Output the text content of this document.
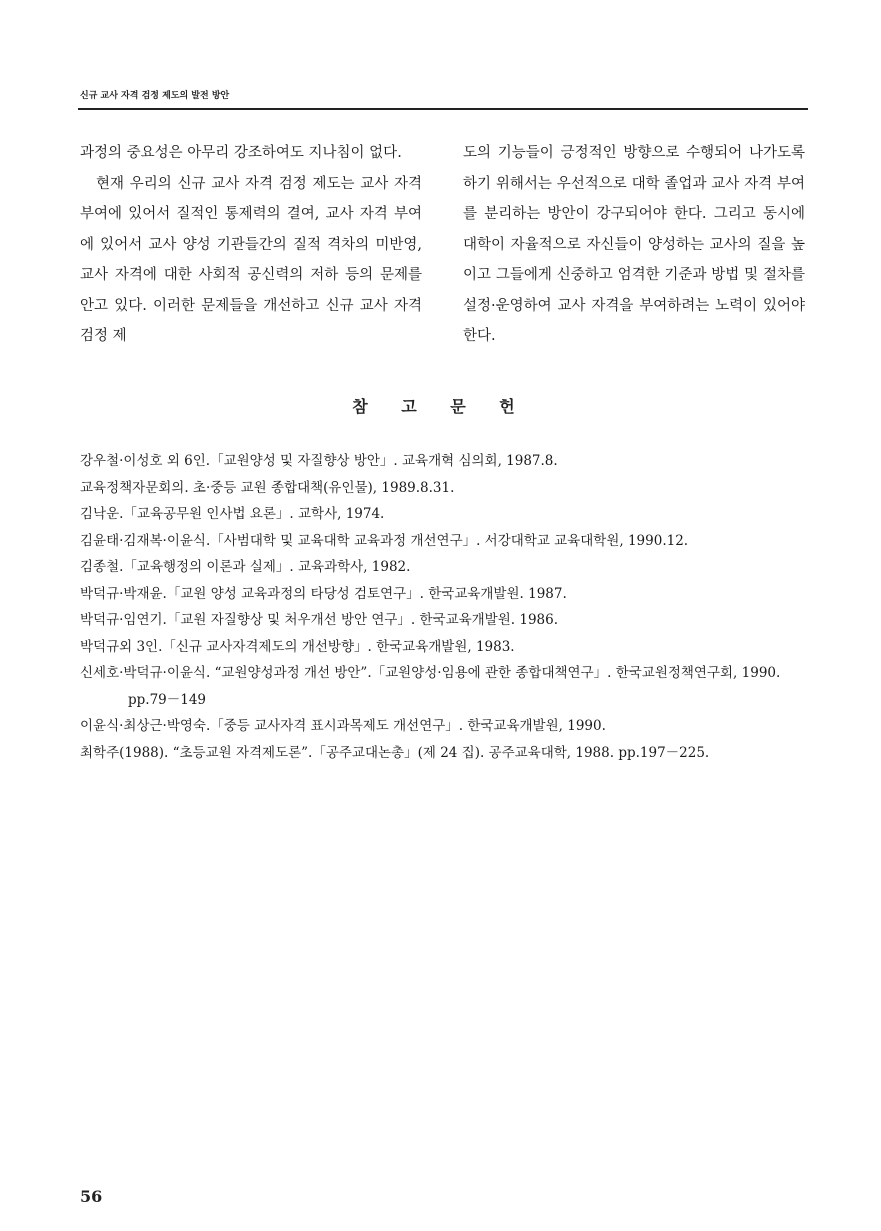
신규 교사 자격 검정 제도의 발전 방안

과정의 중요성은 아무리 강조하여도 지나침이 없다.

현재 우리의 신규 교사 자격 검정 제도는 교사 자격 부여에 있어서 질적인 통제력의 결여, 교사 자격 부여에 있어서 교사 양성 기관들간의 질적 격차의 미반영, 교사 자격에 대한 사회적 공신력의 저하 등의 문제를 안고 있다. 이러한 문제들을 개선하고 신규 교사 자격 검정 제

도의 기능들이 긍정적인 방향으로 수행되어 나가도록 하기 위해서는 우선적으로 대학 졸업과 교사 자격 부여를 분리하는 방안이 강구되어야 한다. 그리고 동시에 대학이 자율적으로 자신들이 양성하는 교사의 질을 높이고 그들에게 신중하고 엄격한 기준과 방법 및 절차를 설정·운영하여 교사 자격을 부여하려는 노력이 있어야 한다.

참 고 문 헌
강우철·이성호 외 6인.「교원양성 및 자질향상 방안」. 교육개혁 심의회, 1987.8.
교육정책자문회의. 초·중등 교원 종합대책(유인물), 1989.8.31.
김낙운.「교육공무원 인사법 요론」. 교학사, 1974.
김윤태·김재복·이윤식.「사범대학 및 교육대학 교육과정 개선연구」. 서강대학교 교육대학원, 1990.12.
김종철.「교육행정의 이론과 실제」. 교육과학사, 1982.
박덕규·박재윤.「교원 양성 교육과정의 타당성 검토연구」. 한국교육개발원. 1987.
박덕규·임연기.「교원 자질향상 및 처우개선 방안 연구」. 한국교육개발원. 1986.
박덕규외 3인.「신규 교사자격제도의 개선방향」. 한국교육개발원, 1983.
신세호·박덕규·이윤식. “교원양성과정 개선 방안”.「교원양성·임용에 관한 종합대책연구」. 한국교원정책연구회, 1990. pp.79－149
이윤식·최상근·박영숙.「중등 교사자격 표시과목제도 개선연구」. 한국교육개발원, 1990.
최학주(1988). “초등교원 자격제도론”.「공주교대논총」(제 24 집). 공주교육대학, 1988. pp.197－225.
56
